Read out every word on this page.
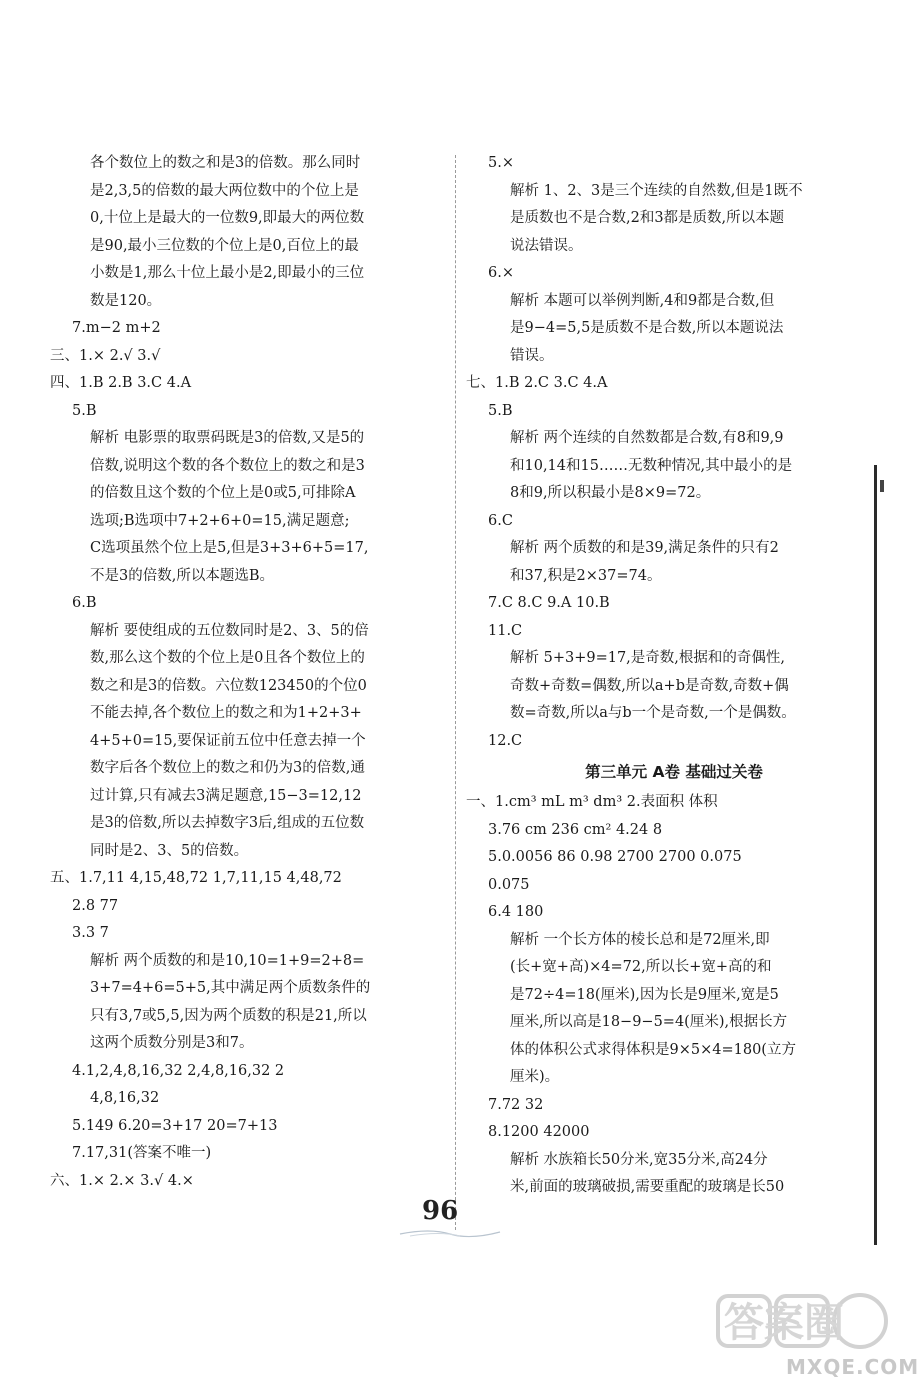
各个数位上的数之和是3的倍数。那么同时
是2,3,5的倍数的最大两位数中的个位上是
0,十位上是最大的一位数9,即最大的两位数
是90,最小三位数的个位上是0,百位上的最
小数是1,那么十位上最小是2,即最小的三位
数是120。
7.m−2 m+2
三、1.× 2.√ 3.√
四、1.B 2.B 3.C 4.A
5.B
解析 电影票的取票码既是3的倍数,又是5的
倍数,说明这个数的各个数位上的数之和是3
的倍数且这个数的个位上是0或5,可排除A
选项;B选项中7+2+6+0=15,满足题意;
C选项虽然个位上是5,但是3+3+6+5=17,
不是3的倍数,所以本题选B。
6.B
解析 要使组成的五位数同时是2、3、5的倍
数,那么这个数的个位上是0且各个数位上的
数之和是3的倍数。六位数123450的个位0
不能去掉,各个数位上的数之和为1+2+3+
4+5+0=15,要保证前五位中任意去掉一个
数字后各个数位上的数之和仍为3的倍数,通
过计算,只有减去3满足题意,15−3=12,12
是3的倍数,所以去掉数字3后,组成的五位数
同时是2、3、5的倍数。
五、1.7,11 4,15,48,72 1,7,11,15 4,48,72
2.8 77
3.3 7
解析 两个质数的和是10,10=1+9=2+8=
3+7=4+6=5+5,其中满足两个质数条件的
只有3,7或5,5,因为两个质数的积是21,所以
这两个质数分别是3和7。
4.1,2,4,8,16,32 2,4,8,16,32 2
4,8,16,32
5.149 6.20=3+17 20=7+13
7.17,31(答案不唯一)
六、1.× 2.× 3.√ 4.×
5.×
解析 1、2、3是三个连续的自然数,但是1既不
是质数也不是合数,2和3都是质数,所以本题
说法错误。
6.×
解析 本题可以举例判断,4和9都是合数,但
是9−4=5,5是质数不是合数,所以本题说法
错误。
七、1.B 2.C 3.C 4.A
5.B
解析 两个连续的自然数都是合数,有8和9,9
和10,14和15……无数种情况,其中最小的是
8和9,所以积最小是8×9=72。
6.C
解析 两个质数的和是39,满足条件的只有2
和37,积是2×37=74。
7.C 8.C 9.A 10.B
11.C
解析 5+3+9=17,是奇数,根据和的奇偶性,
奇数+奇数=偶数,所以a+b是奇数,奇数+偶
数=奇数,所以a与b一个是奇数,一个是偶数。
12.C
第三单元 A卷 基础过关卷
一、1.cm³ mL m³ dm³ 2.表面积 体积
3.76 cm 236 cm² 4.24 8
5.0.0056 86 0.98 2700 2700 0.075
0.075
6.4 180
解析 一个长方体的棱长总和是72厘米,即
(长+宽+高)×4=72,所以长+宽+高的和
是72÷4=18(厘米),因为长是9厘米,宽是5
厘米,所以高是18−9−5=4(厘米),根据长方
体的体积公式求得体积是9×5×4=180(立方
厘米)。
7.72 32
8.1200 42000
解析 水族箱长50分米,宽35分米,高24分
米,前面的玻璃破损,需要重配的玻璃是长50
96
答案圈
MXQE.COM
